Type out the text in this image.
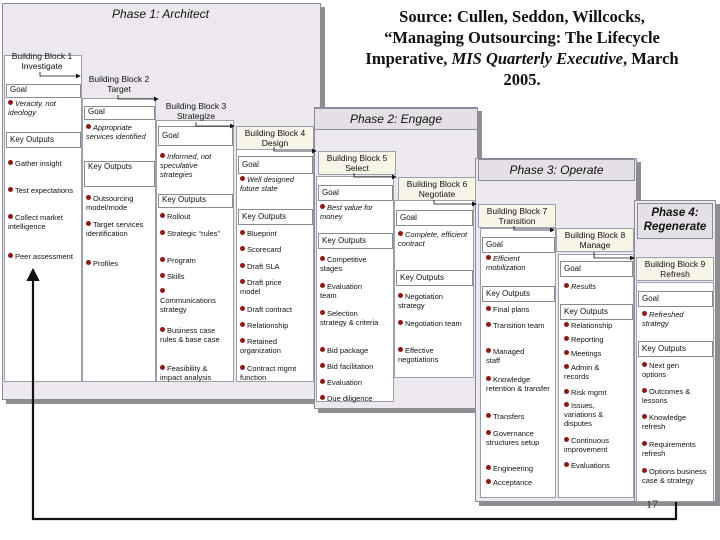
Source: Cullen, Seddon, Willcocks,
“Managing Outsourcing: The Lifecycle
Imperative, MIS Quarterly Executive, March
2005.
Phase 1: Architect
Phase 2: Engage
Phase 3: Operate
Phase 4:
Regenerate
Building Block 1
Investigate
Goal
Veracity, not ideology
Key Outputs
Gather insight
Test expectations
Collect market intelligence
Peer assessment
Building Block 2
Target
Goal
Appropriate services identified
Key Outputs
Outsourcing model/mode
Target services identification
Profiles
Building Block 3
Strategize
Goal
Informed, not speculative strategies
Key Outputs
Rollout
Strategic “rules”
Program
Skills
Communications strategy
Business case rules & base case
Feasibility & impact analysis
Building Block 4
Design
Goal
Well designed future state
Key Outputs
Blueprint
Scorecard
Draft SLA
Draft price model
Draft contract
Relationship
Retained organization
Contract mgmt function
Building Block 5
Select
Goal
Best value for money
Key Outputs
Competitive stages
Evaluation team
Selection strategy & criteria
Bid package
Bid facilitation
Evaluation
Due diligence
Building Block 6
Negotiate
Goal
Complete, efficient contract
Key Outputs
Negotiation strategy
Negotiation team
Effective negotiations
Building Block 7
Transition
Goal
Efficient mobilization
Key Outputs
Final plans
Transition team
Managed staff
Knowledge retention & transfer
Transfers
Governance structures setup
Engineering
Acceptance
Building Block 8
Manage
Goal
Results
Key Outputs
Relationship
Reporting
Meetings
Admin & records
Risk mgmt
Issues, variations & disputes
Continuous improvement
Evaluations
Building Block 9
Refresh
Goal
Refreshed strategy
Key Outputs
Next gen options
Outcomes & lessons
Knowledge refresh
Requirements refresh
Options business case & strategy
17
